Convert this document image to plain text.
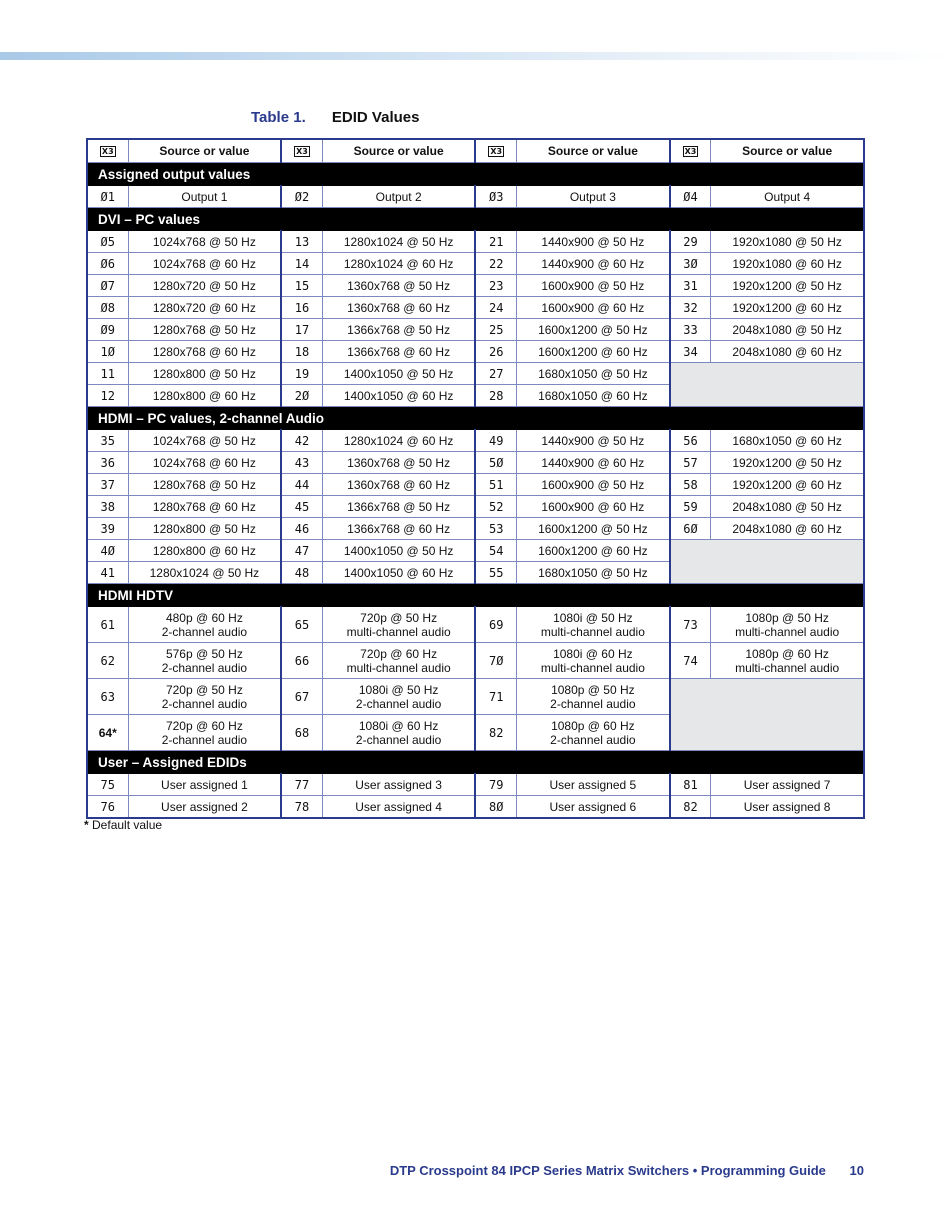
Table 1. EDID Values
X3	Source or value	X3	Source or value	X3	Source or value	X3	Source or value
Assigned output values							
Ø1	Output 1	Ø2	Output 2	Ø3	Output 3	Ø4	Output 4

DVI – PC values							
Ø5	1024x768 @ 50 Hz	13	1280x1024 @ 50 Hz	21	1440x900 @ 50 Hz	29	1920x1080 @ 50 Hz

Ø6	1024x768 @ 60 Hz	14	1280x1024 @ 60 Hz	22	1440x900 @ 60 Hz	3Ø	1920x1080 @ 60 Hz

Ø7	1280x720 @ 50 Hz	15	1360x768 @ 50 Hz	23	1600x900 @ 50 Hz	31	1920x1200 @ 50 Hz

Ø8	1280x720 @ 60 Hz	16	1360x768 @ 60 Hz	24	1600x900 @ 60 Hz	32	1920x1200 @ 60 Hz

Ø9	1280x768 @ 50 Hz	17	1366x768 @ 50 Hz	25	1600x1200 @ 50 Hz	33	2048x1080 @ 50 Hz

1Ø	1280x768 @ 60 Hz	18	1366x768 @ 60 Hz	26	1600x1200 @ 60 Hz	34	2048x1080 @ 60 Hz

11	1280x800 @ 50 Hz	19	1400x1050 @ 50 Hz	27	1680x1050 @ 50 Hz		

12	1280x800 @ 60 Hz	2Ø	1400x1050 @ 60 Hz	28	1680x1050 @ 60 Hz		

HDMI – PC values, 2-channel Audio							
35	1024x768 @ 50 Hz	42	1280x1024 @ 60 Hz	49	1440x900 @ 50 Hz	56	1680x1050 @ 60 Hz

36	1024x768 @ 60 Hz	43	1360x768 @ 50 Hz	5Ø	1440x900 @ 60 Hz	57	1920x1200 @ 50 Hz

37	1280x768 @ 50 Hz	44	1360x768 @ 60 Hz	51	1600x900 @ 50 Hz	58	1920x1200 @ 60 Hz

38	1280x768 @ 60 Hz	45	1366x768 @ 50 Hz	52	1600x900 @ 60 Hz	59	2048x1080 @ 50 Hz

39	1280x800 @ 50 Hz	46	1366x768 @ 60 Hz	53	1600x1200 @ 50 Hz	6Ø	2048x1080 @ 60 Hz

4Ø	1280x800 @ 60 Hz	47	1400x1050 @ 50 Hz	54	1600x1200 @ 60 Hz		

41	1280x1024 @ 50 Hz	48	1400x1050 @ 60 Hz	55	1680x1050 @ 50 Hz		

HDMI HDTV							
61	480p @ 60 Hz
2-channel audio	65	720p @ 50 Hz
multi-channel audio	69	1080i @ 50 Hz
multi-channel audio	73	1080p @ 50 Hz
multi-channel audio

62	576p @ 50 Hz
2-channel audio	66	720p @ 60 Hz
multi-channel audio	7Ø	1080i @ 60 Hz
multi-channel audio	74	1080p @ 60 Hz
multi-channel audio

63	720p @ 50 Hz
2-channel audio	67	1080i @ 50 Hz
2-channel audio	71	1080p @ 50 Hz
2-channel audio		

64*	720p @ 60 Hz
2-channel audio	68	1080i @ 60 Hz
2-channel audio	82	1080p @ 60 Hz
2-channel audio		

User – Assigned EDIDs							
75	User assigned 1	77	User assigned 3	79	User assigned 5	81	User assigned 7

76	User assigned 2	78	User assigned 4	8Ø	User assigned 6	82	User assigned 8
* Default value
DTP Crosspoint 84 IPCP Series Matrix Switchers • Programming Guide 10
